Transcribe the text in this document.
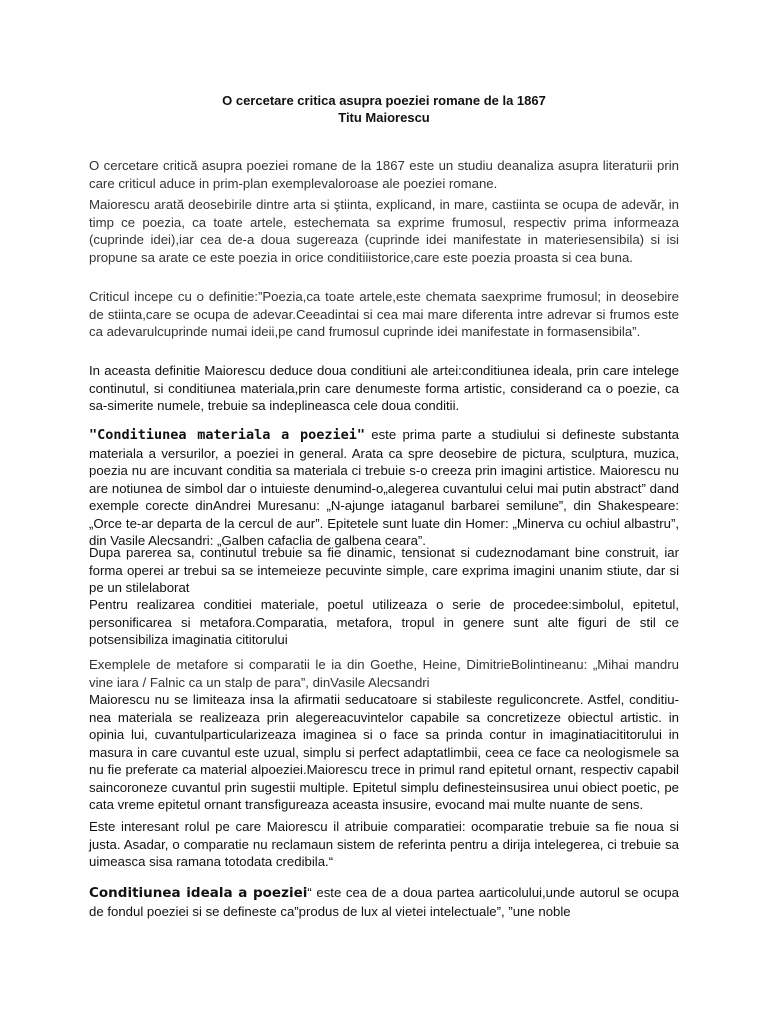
O cercetare critica asupra poeziei romane de la 1867
Titu Maiorescu
O cercetare critică asupra poeziei romane de la 1867 este un studiu deanaliza asupra literaturii prin care criticul aduce in prim-plan exemplevaloroase ale poeziei romane.
Maiorescu arată deosebirile dintre arta si ştiinta, explicand, in mare, castiinta se ocupa de adevăr, in timp ce poezia, ca toate artele, estechemata sa exprime frumosul, respectiv prima informeaza (cuprinde idei),iar cea de-a doua sugereaza (cuprinde idei manifestate in materiesensibila) si isi propune sa arate ce este poezia in orice conditiiistorice,care este poezia proasta si cea buna.
Criticul incepe cu o definitie:”Poezia,ca toate artele,este chemata saexprime frumosul; in deosebire de stiinta,care se ocupa de adevar.Ceeadintai si cea mai mare diferenta intre adrevar si frumos este ca adevarulcuprinde numai ideii,pe cand frumosul cuprinde idei manifestate in formasensibila”.
In aceasta definitie Maiorescu deduce doua conditiuni ale artei:conditiunea ideala, prin care intelege continutul, si conditiunea materiala,prin care denumeste forma artistic, considerand ca o poezie, ca sa-simerite numele, trebuie sa indeplineasca cele doua conditii.
"Conditiunea materiala a poeziei" este prima parte a studiului si defineste substanta materiala a versurilor, a poeziei in general. Arata ca spre deosebire de pictura, sculptura, muzica, poezia nu are incuvant conditia sa materiala ci trebuie s-o creeza prin imagini artistice. Maiorescu nu are notiunea de simbol dar o intuieste denumind-o„alegerea cuvantului celui mai putin abstract” dand exemple corecte dinAndrei Muresanu: „N-ajunge iataganul barbarei semilune”, din Shakespeare: „Orce te-ar departa de la cercul de aur”. Epitetele sunt luate din Homer: „Minerva cu ochiul albastru”, din Vasile Alecsandri: „Galben cafaclia de galbena ceara”.
Dupa parerea sa, continutul trebuie sa fie dinamic, tensionat si cudeznodamant bine construit, iar forma operei ar trebui sa se intemeieze pecuvinte simple, care exprima imagini unanim stiute, dar si pe un stilelaborat
Pentru realizarea conditiei materiale, poetul utilizeaza o serie de procedee:simbolul, epitetul, personificarea si metafora.Comparatia, metafora, tropul in genere sunt alte figuri de stil ce potsensibiliza imaginatia cititorului
Exemplele de metafore si comparatii le ia din Goethe, Heine, DimitrieBolintineanu: „Mihai mandru vine iara / Falnic ca un stalp de para”, dinVasile Alecsandri
Maiorescu nu se limiteaza insa la afirmatii seducatoare si stabileste reguliconcrete. Astfel, conditiu-nea materiala se realizeaza prin alegereacuvintelor capabile sa concretizeze obiectul artistic. in opinia lui, cuvantulparticularizeaza imaginea si o face sa prinda contur in imaginatiacititorului in masura in care cuvantul este uzual, simplu si perfect adaptatlimbii, ceea ce face ca neologismele sa nu fie preferate ca material alpoeziei.Maiorescu trece in primul rand epitetul ornant, respectiv capabil saincoroneze cuvantul prin sugestii multiple. Epitetul simplu definesteinsusirea unui obiect poetic, pe cata vreme epitetul ornant transfigureaza aceasta insusire, evocand mai multe nuante de sens.
Este interesant rolul pe care Maiorescu il atribuie comparatiei: ocomparatie trebuie sa fie noua si justa. Asadar, o comparatie nu reclamaun sistem de referinta pentru a dirija intelegerea, ci trebuie sa uimeasca sisa ramana totodata credibila.“
Conditiunea ideala a poeziei“ este cea de a doua partea aarticolului,unde autorul se ocupa de fondul poeziei si se defineste ca”produs de lux al vietei intelectuale”, ”une noble
